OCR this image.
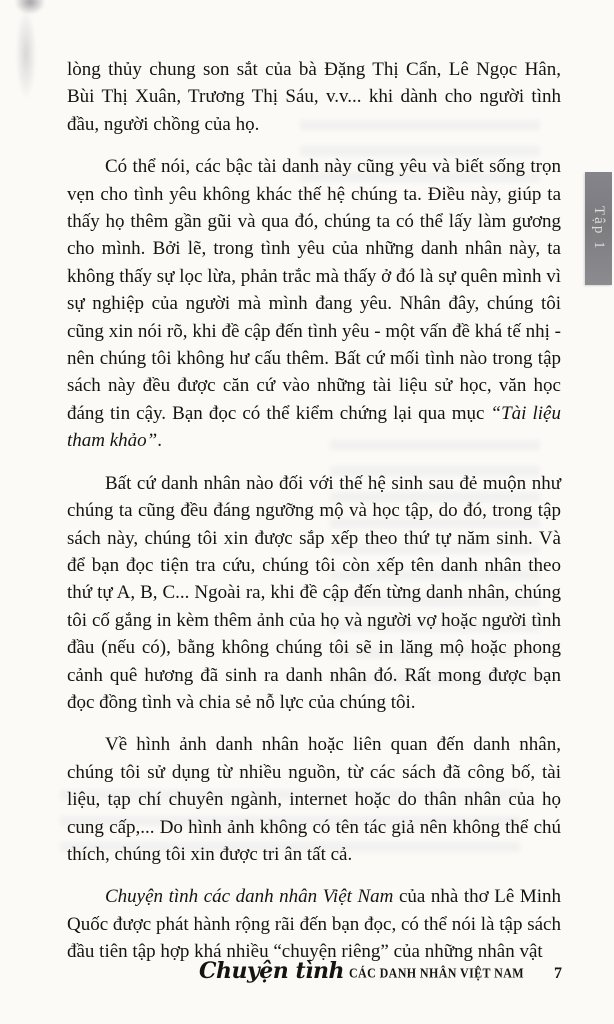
Tập 1

lòng thủy chung son sắt của bà Đặng Thị Cẩn, Lê Ngọc Hân, Bùi Thị Xuân, Trương Thị Sáu, v.v... khi dành cho người tình đầu, người chồng của họ.

Có thể nói, các bậc tài danh này cũng yêu và biết sống trọn vẹn cho tình yêu không khác thế hệ chúng ta. Điều này, giúp ta thấy họ thêm gần gũi và qua đó, chúng ta có thể lấy làm gương cho mình. Bởi lẽ, trong tình yêu của những danh nhân này, ta không thấy sự lọc lừa, phản trắc mà thấy ở đó là sự quên mình vì sự nghiệp của người mà mình đang yêu. Nhân đây, chúng tôi cũng xin nói rõ, khi đề cập đến tình yêu - một vấn đề khá tế nhị - nên chúng tôi không hư cấu thêm. Bất cứ mối tình nào trong tập sách này đều được căn cứ vào những tài liệu sử học, văn học đáng tin cậy. Bạn đọc có thể kiểm chứng lại qua mục “Tài liệu tham khảo”.

Bất cứ danh nhân nào đối với thế hệ sinh sau đẻ muộn như chúng ta cũng đều đáng ngưỡng mộ và học tập, do đó, trong tập sách này, chúng tôi xin được sắp xếp theo thứ tự năm sinh. Và để bạn đọc tiện tra cứu, chúng tôi còn xếp tên danh nhân theo thứ tự A, B, C... Ngoài ra, khi đề cập đến từng danh nhân, chúng tôi cố gắng in kèm thêm ảnh của họ và người vợ hoặc người tình đầu (nếu có), bằng không chúng tôi sẽ in lăng mộ hoặc phong cảnh quê hương đã sinh ra danh nhân đó. Rất mong được bạn đọc đồng tình và chia sẻ nỗ lực của chúng tôi.

Về hình ảnh danh nhân hoặc liên quan đến danh nhân, chúng tôi sử dụng từ nhiều nguồn, từ các sách đã công bố, tài liệu, tạp chí chuyên ngành, internet hoặc do thân nhân của họ cung cấp,... Do hình ảnh không có tên tác giả nên không thể chú thích, chúng tôi xin được tri ân tất cả.

Chuyện tình các danh nhân Việt Nam của nhà thơ Lê Minh Quốc được phát hành rộng rãi đến bạn đọc, có thể nói là tập sách đầu tiên tập hợp khá nhiều “chuyện riêng” của những nhân vật

Chuyện tình CÁC DANH NHÂN VIỆT NAM 7
